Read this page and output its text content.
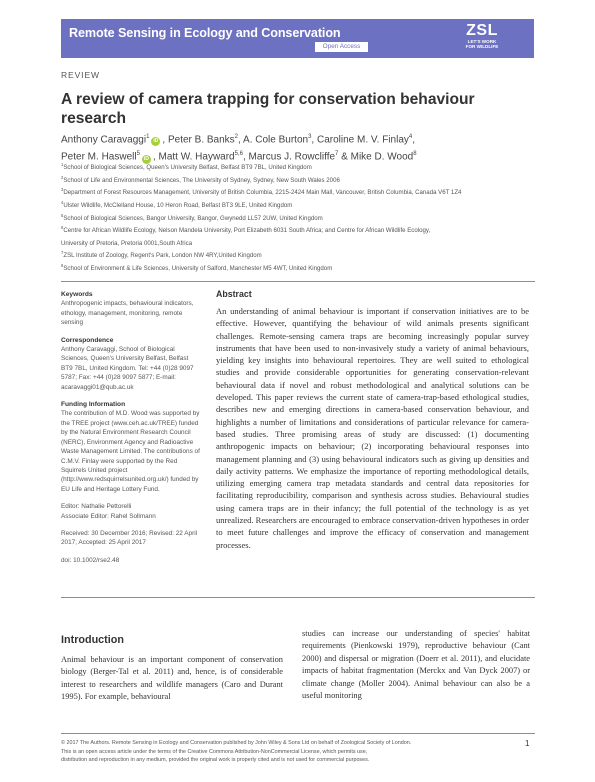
Remote Sensing in Ecology and Conservation
Open Access
ZSL
LET'S WORK
FOR WILDLIFE
REVIEW
A review of camera trapping for conservation behaviour research
Anthony Caravaggi$^1$iD , Peter B. Banks$^2$, A. Cole Burton$^3$, Caroline M. V. Finlay$^4$,
Peter M. Haswell$^5$iD , Matt W. Hayward$^{5,6}$, Marcus J. Rowcliffe$^7$ & Mike D. Wood$^8$
$^1$School of Biological Sciences, Queen's University Belfast, Belfast BT9 7BL, United Kingdom
$^2$School of Life and Environmental Sciences, The University of Sydney, Sydney, New South Wales 2006
$^3$Department of Forest Resources Management, University of British Columbia, 2215-2424 Main Mall, Vancouver, British Columbia, Canada V6T 1Z4
$^4$Ulster Wildlife, McClelland House, 10 Heron Road, Belfast BT3 9LE, United Kingdom
$^5$School of Biological Sciences, Bangor University, Bangor, Gwynedd LL57 2UW, United Kingdom
$^6$Centre for African Wildlife Ecology, Nelson Mandela University, Port Elizabeth 6031 South Africa; and Centre for African Wildlife Ecology,
University of Pretoria, Pretoria 0001,South Africa
$^7$ZSL Institute of Zoology, Regent's Park, London NW 4RY,United Kingdom
$^8$School of Environment & Life Sciences, University of Salford, Manchester M5 4WT, United Kingdom
Keywords
Anthropogenic impacts, behavioural indicators, ethology, management, monitoring, remote sensing
Correspondence
Anthony Caravaggi, School of Biological Sciences, Queen's University Belfast, Belfast BT9 7BL, United Kingdom. Tel: +44 (0)28 9097 5787; Fax: +44 (0)28 9097 5877; E-mail: acaravaggi01@qub.ac.uk
Funding Information
The contribution of M.D. Wood was supported by the TREE project (www.ceh.ac.uk/TREE) funded by the Natural Environment Research Council (NERC), Environment Agency and Radioactive Waste Management Limited. The contributions of C.M.V. Finlay were supported by the Red Squirrels United project (http://www.redsquirrelsunited.org.uk/) funded by EU Life and Heritage Lottery Fund.
Editor: Nathalie Pettorelli
Associate Editor: Rahel Sollmann
Received: 30 December 2016; Revised: 22 April 2017; Accepted: 25 April 2017
doi: 10.1002/rse2.48
Abstract
An understanding of animal behaviour is important if conservation initiatives are to be effective. However, quantifying the behaviour of wild animals presents significant challenges. Remote-sensing camera traps are becoming increasingly popular survey instruments that have been used to non-invasively study a variety of animal behaviours, yielding key insights into behavioural repertoires. They are well suited to ethological studies and provide considerable opportunities for generating conservation-relevant behavioural data if novel and robust methodological and analytical solutions can be developed. This paper reviews the current state of camera-trap-based ethological studies, describes new and emerging directions in camera-based conservation behaviour, and highlights a number of limitations and considerations of particular relevance for camera-based studies. Three promising areas of study are discussed: (1) documenting anthropogenic impacts on behaviour; (2) incorporating behavioural responses into management planning and (3) using behavioural indicators such as giving up densities and daily activity patterns. We emphasize the importance of reporting methodological details, utilizing emerging camera trap metadata standards and central data repositories for facilitating reproducibility, comparison and synthesis across studies. Behavioural studies using camera traps are in their infancy; the full potential of the technology is as yet unrealized. Researchers are encouraged to embrace conservation-driven hypotheses in order to meet future challenges and improve the efficacy of conservation and management processes.
Introduction
Animal behaviour is an important component of conservation biology (Berger-Tal et al. 2011) and, hence, is of considerable interest to researchers and wildlife managers (Caro and Durant 1995). For example, behavioural
studies can increase our understanding of species' habitat requirements (Pienkowski 1979), reproductive behaviour (Cant 2000) and dispersal or migration (Doerr et al. 2011), and elucidate impacts of habitat fragmentation (Merckx and Van Dyck 2007) or climate change (Moller 2004). Animal behaviour can also be a useful monitoring
© 2017 The Authors. Remote Sensing in Ecology and Conservation published by John Wiley & Sons Ltd on behalf of Zoological Society of London.
This is an open access article under the terms of the Creative Commons Attribution-NonCommercial License, which permits use,
distribution and reproduction in any medium, provided the original work is properly cited and is not used for commercial purposes.
1
